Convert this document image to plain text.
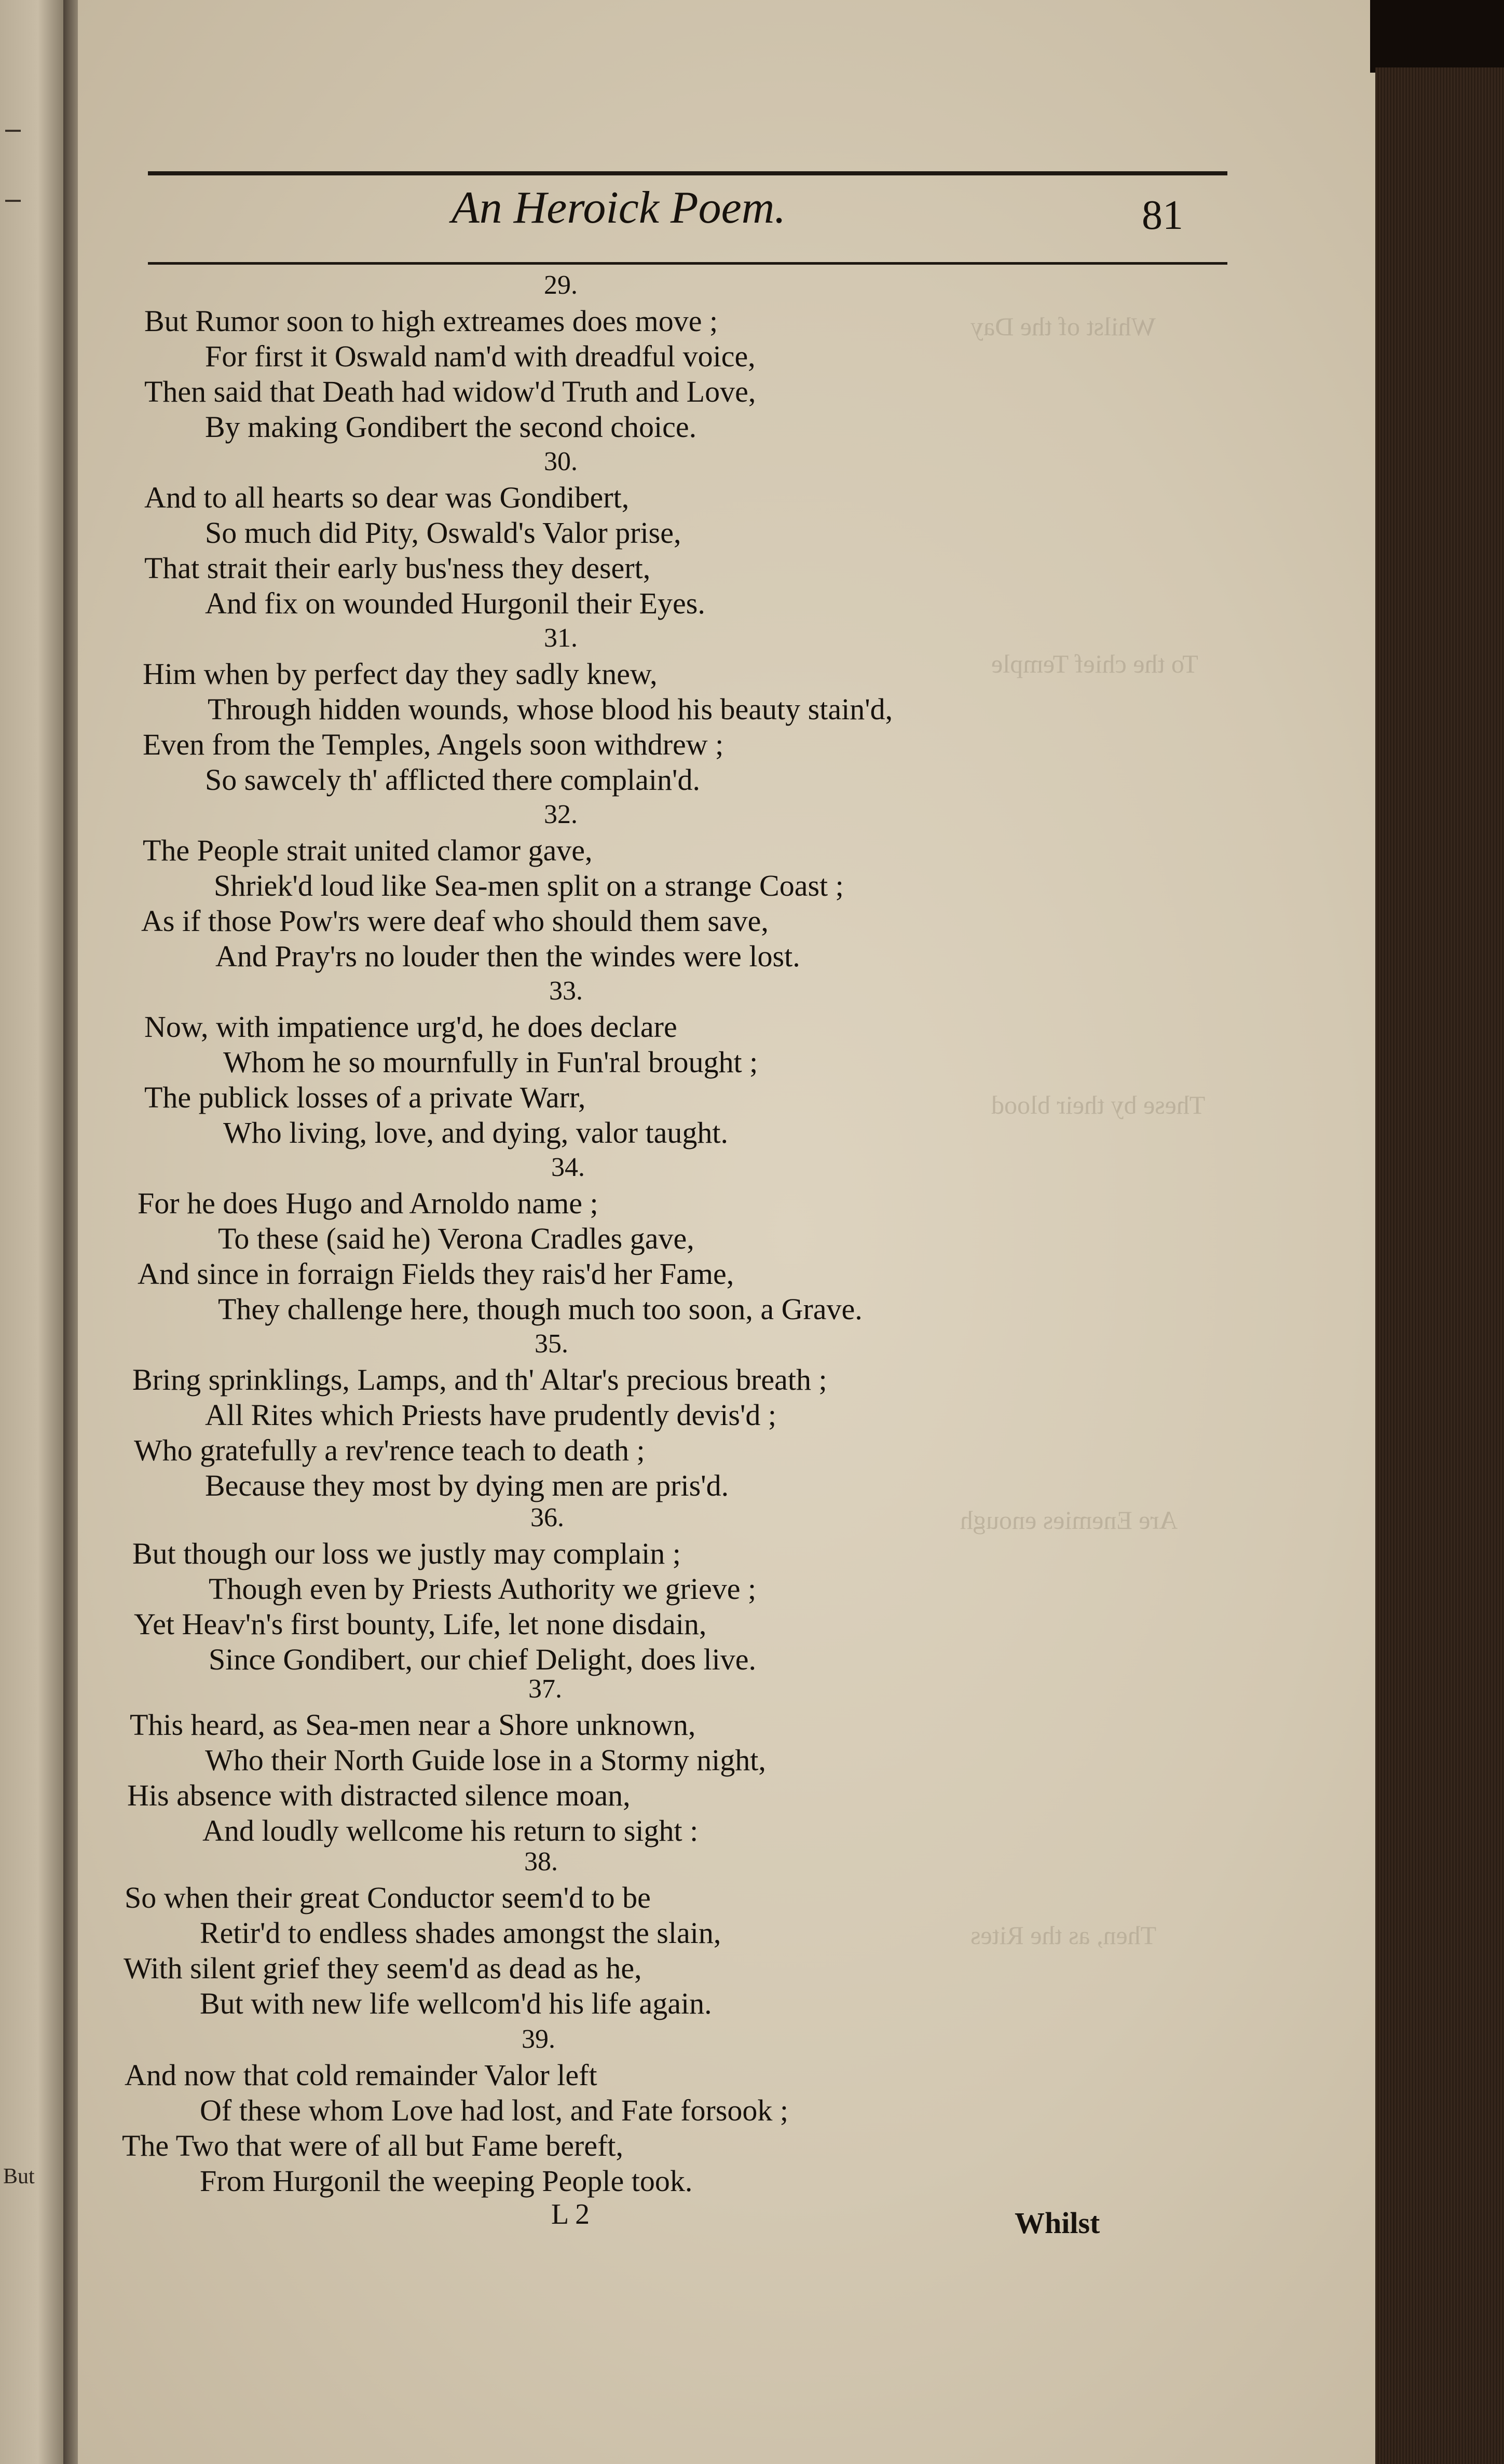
But
Whilst of the Day
To the chief Temple
These by their blood
Are Enemies enough
Then, as the Rites
An Heroick Poem.	81
29.
But Rumor soon to high extreames does move ;
For first it Oswald nam'd with dreadful voice,
Then said that Death had widow'd Truth and Love,
By making Gondibert the second choice.
30.
And to all hearts so dear was Gondibert,
So much did Pity, Oswald's Valor prise,
That strait their early bus'ness they desert,
And fix on wounded Hurgonil their Eyes.
31.
Him when by perfect day they sadly knew,
Through hidden wounds, whose blood his beauty stain'd,
Even from the Temples, Angels soon withdrew ;
So sawcely th' afflicted there complain'd.
32.
The People strait united clamor gave,
Shriek'd loud like Sea-men split on a strange Coast ;
As if those Pow'rs were deaf who should them save,
And Pray'rs no louder then the windes were lost.
33.
Now, with impatience urg'd, he does declare
Whom he so mournfully in Fun'ral brought ;
The publick losses of a private Warr,
Who living, love, and dying, valor taught.
34.
For he does Hugo and Arnoldo name ;
To these (said he) Verona Cradles gave,
And since in forraign Fields they rais'd her Fame,
They challenge here, though much too soon, a Grave.
35.
Bring sprinklings, Lamps, and th' Altar's precious breath ;
All Rites which Priests have prudently devis'd ;
Who gratefully a rev'rence teach to death ;
Because they most by dying men are pris'd.
36.
But though our loss we justly may complain ;
Though even by Priests Authority we grieve ;
Yet Heav'n's first bounty, Life, let none disdain,
Since Gondibert, our chief Delight, does live.
37.
This heard, as Sea-men near a Shore unknown,
Who their North Guide lose in a Stormy night,
His absence with distracted silence moan,
And loudly wellcome his return to sight :
38.
So when their great Conductor seem'd to be
Retir'd to endless shades amongst the slain,
With silent grief they seem'd as dead as he,
But with new life wellcom'd his life again.
39.
And now that cold remainder Valor left
Of these whom Love had lost, and Fate forsook ;
The Two that were of all but Fame bereft,
From Hurgonil the weeping People took.
L 2	Whilst
